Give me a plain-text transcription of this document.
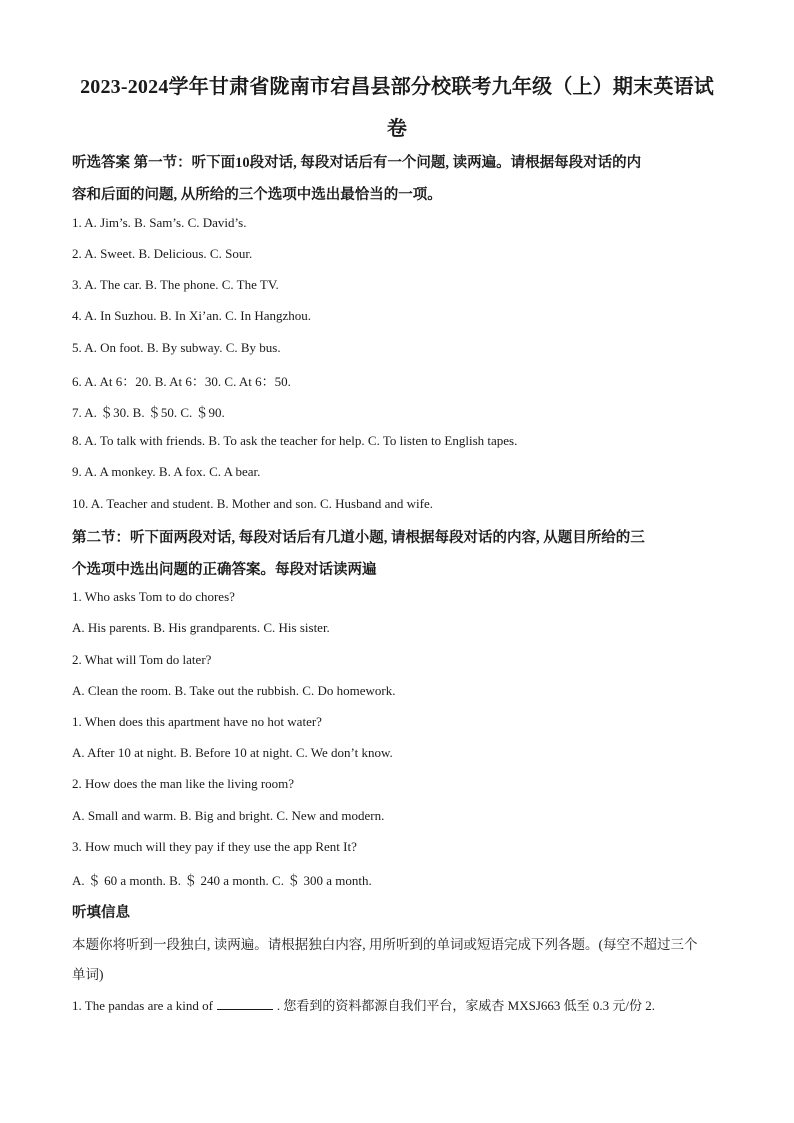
2023-2024学年甘肃省陇南市宕昌县部分校联考九年级（上）期末英语试
卷
听选答案 第一节：听下面10段对话, 每段对话后有一个问题, 读两遍。请根据每段对话的内
容和后面的问题, 从所给的三个选项中选出最恰当的一项。
1. A. Jim’s. B. Sam’s. C. David’s.
2. A. Sweet. B. Delicious. C. Sour.
3. A. The car. B. The phone. C. The TV.
4. A. In Suzhou. B. In Xi’an. C. In Hangzhou.
5. A. On foot. B. By subway. C. By bus.
6. A. At 6：20. B. At 6：30. C. At 6：50.
7. A. ＄30. B. ＄50. C. ＄90.
8. A. To talk with friends. B. To ask the teacher for help. C. To listen to English tapes.
9. A. A monkey. B. A fox. C. A bear.
10. A. Teacher and student. B. Mother and son. C. Husband and wife.
第二节：听下面两段对话, 每段对话后有几道小题, 请根据每段对话的内容, 从题目所给的三
个选项中选出问题的正确答案。每段对话读两遍
1. Who asks Tom to do chores?
A. His parents. B. His grandparents. C. His sister.
2. What will Tom do later?
A. Clean the room. B. Take out the rubbish. C. Do homework.
1. When does this apartment have no hot water?
A. After 10 at night. B. Before 10 at night. C. We don’t know.
2. How does the man like the living room?
A. Small and warm. B. Big and bright. C. New and modern.
3. How much will they pay if they use the app Rent It?
A. ＄ 60 a month. B. ＄ 240 a month. C. ＄ 300 a month.
听填信息
本题你将听到一段独白, 读两遍。请根据独白内容, 用所听到的单词或短语完成下列各题。(每空不超过三个
单词)
1. The pandas are a kind of	. 您看到的资料都源自我们平台，家威杏 MXSJ663 低至 0.3 元/份 2.
